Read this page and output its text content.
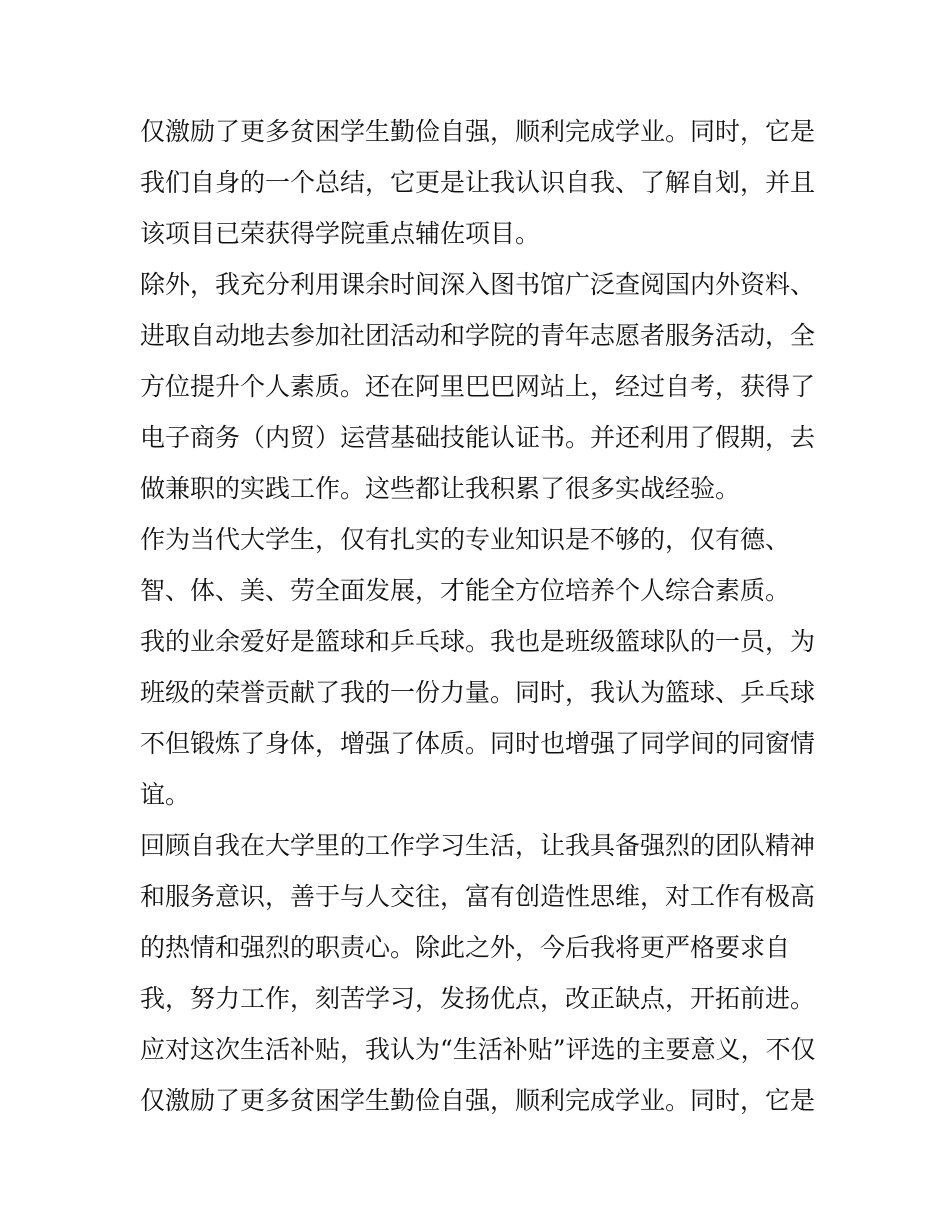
仅激励了更多贫困学生勤俭自强，顺利完成学业。同时，它是
我们自身的一个总结，它更是让我认识自我、了解自划，并且
该项目已荣获得学院重点辅佐项目。
除外，我充分利用课余时间深入图书馆广泛查阅国内外资料、
进取自动地去参加社团活动和学院的青年志愿者服务活动，全
方位提升个人素质。还在阿里巴巴网站上，经过自考，获得了
电子商务（内贸）运营基础技能认证书。并还利用了假期，去
做兼职的实践工作。这些都让我积累了很多实战经验。
作为当代大学生，仅有扎实的专业知识是不够的，仅有德、
智、体、美、劳全面发展，才能全方位培养个人综合素质。
我的业余爱好是篮球和乒乓球。我也是班级篮球队的一员，为
班级的荣誉贡献了我的一份力量。同时，我认为篮球、乒乓球
不但锻炼了身体，增强了体质。同时也增强了同学间的同窗情
谊。
回顾自我在大学里的工作学习生活，让我具备强烈的团队精神
和服务意识，善于与人交往，富有创造性思维，对工作有极高
的热情和强烈的职责心。除此之外，今后我将更严格要求自
我，努力工作，刻苦学习，发扬优点，改正缺点，开拓前进。
应对这次生活补贴，我认为“生活补贴”评选的主要意义，不仅
仅激励了更多贫困学生勤俭自强，顺利完成学业。同时，它是
